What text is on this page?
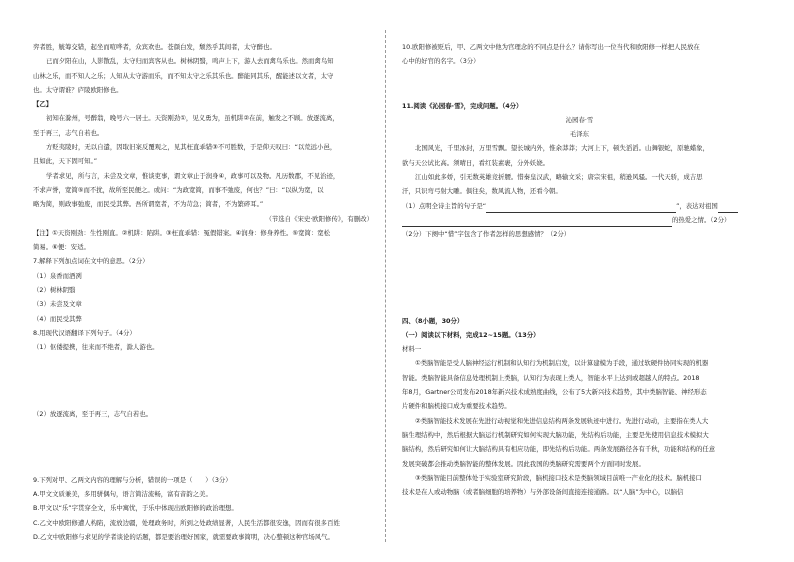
弈者胜，觥筹交错，起坐而喧哗者，众宾欢也。苍颜白发，颓然乎其间者，太守醉也。
已而夕阳在山，人影散乱，太守归而宾客从也。树林阴翳，鸣声上下，游人去而禽鸟乐也。然而禽鸟知
山林之乐，而不知人之乐；人知从太守游而乐，而不知太守之乐其乐也。醉能同其乐，醒能述以文者，太守
也。太守谓谁？庐陵欧阳修也。
【乙】
初知在滁州，号醉翁，晚号六一居士。天资刚劲①，见义勇为，虽机阱②在前，触发之不顾。放逐流离，
至于再三，志气自若也。
方贬夷陵时，无以自遣，因取旧案反覆观之，见其枉直乖错③不可胜数，于是仰天叹曰：“以荒远小邑，
且如此，天下固可知。”
学者求见，所与言，未尝及文章，惟谈吏事，谓文章止于润身④，政事可以及物。凡历数郡，不见治迹，
不求声誉，宽简⑤而不扰，故所至民便之。或问：“为政宽简，而事不弛废，何也？”曰：“以纵为宽，以
略为简，则政事弛废，而民受其弊。吾所谓宽者，不为苛急；简者，不为繁碎耳。”
（节选自《宋史·欧阳修传》，有删改）
【注】①天资刚劲：生性刚直。②机阱：陷阱。③枉直乖错：冤假错案。④润身：修身养性。⑤宽简：宽松
简易。⑥便：安适。
7.解释下列加点词在文中的意思。（2分）
（1）泉香而酒冽
（2）树林阴翳
（3）未尝及文章
（4）而民受其弊
8.用现代汉语翻译下列句子。（4分）
（1）伛偻提携，往来而不绝者，滁人游也。
（2）放逐流离，至于再三，志气自若也。
9.下列对甲、乙两文内容的理解与分析，错误的一项是（　　）（3分）
A.甲文文质兼美，多用骈偶句，语言简洁流畅，富有音韵之美。
B.甲文以“乐”字贯穿全文，乐中寓忧，于乐中体现出欧阳修的政治理想。
C.乙文中欧阳修遭人构陷，流放边疆，处理政务时，所到之处政绩显著，人民生活都很安逸，因而有很多百姓
D.乙文中欧阳修与求见的学者谈论的话题，都是要治理好国家，就需要政事简明，决心整顿这种官场风气。
10.欧阳修被贬后，甲、乙两文中他为官理念的不同点是什么？请你写出一位当代和欧阳修一样把人民放在
心中的好官的名字。（3分）
11.阅读《沁园春·雪》，完成问题。（4分）
沁园春·雪
毛泽东
北国风光，千里冰封，万里雪飘。望长城内外，惟余莽莽；大河上下，顿失滔滔。山舞银蛇，原驰蜡象，
欲与天公试比高。须晴日，看红装素裹，分外妖娆。
江山如此多娇，引无数英雄竞折腰。惜秦皇汉武，略输文采；唐宗宋祖，稍逊风骚。一代天骄，成吉思
汗，只识弯弓射大雕。俱往矣，数风流人物，还看今朝。
（1）点明全诗主旨的句子是“	”，表达对祖国
的热爱之情。（2分）
（2分）下阕中“惜”字包含了作者怎样的思想感情？（2分）
四、（8小题，30分）
（一）阅读以下材料，完成12~15题。（13分）
材料一
①类脑智能是受人脑神经运行机制和认知行为机制启发，以计算建模为手段，通过软硬件协同实现的机器
智能。类脑智能具备信息处理机制上类脑，认知行为表现上类人，智能水平上达到或超越人的特点。2018
年8月，Gartner公司发布2018年新兴技术成熟度曲线，公布了5大新兴技术趋势，其中类脑智能、神经形态
片硬件和脑机接口成为重要技术趋势。
②类脑智能技术发展在先进行动视觉和先进信息结构两条发展轨迹中进行。先进行动动，主要指在类人大
脑生理结构中，然后根据大脑运行机制研究如何实现大脑功能，先结构后功能，主要是先使用信息技术模拟大
脑结构，然后研究如何让大脑结构具有相应功能，即先结构后功能。两条发展路径各有千秋，功能和结构的任意
发展突破都会推动类脑智能的整体发展。因此我国的类脑研究需要两个方面同时发展。
③类脑智能目前整体处于实验室研究阶段，脑机接口技术是类脑领域目前唯一产业化的技术。脑机接口
技术是在人或动物脑（或者脑细胞的培养物）与外部设备间直接连接通路。以“人脑”为中心，以脑信
